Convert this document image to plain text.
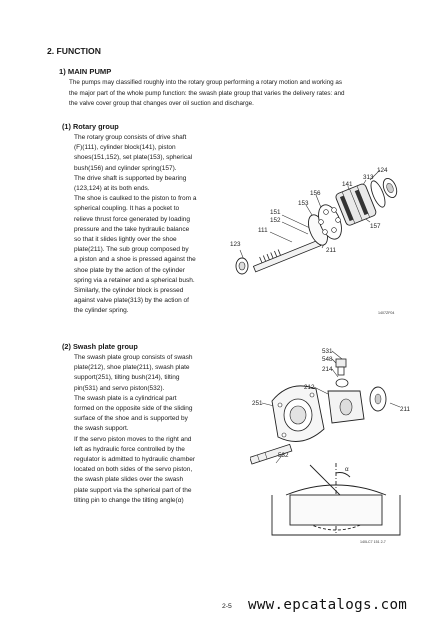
2. FUNCTION
1) MAIN PUMP
The pumps may classified roughly into the rotary group performing a rotary motion and working as
the major part of the whole pump function: the swash plate group that varies the delivery rates: and
the valve cover group that changes over oil suction and discharge.
(1) Rotary group
The rotary group consists of drive shaft
(F)(111), cylinder block(141), piston
shoes(151,152), set plate(153), spherical
bush(156) and cylinder spring(157).
The drive shaft is supported by bearing
(123,124) at its both ends.
The shoe is caulked to the piston to from a
spherical coupling. It has a pocket to
relieve thrust force generated by loading
pressure and the take hydraulic balance
so that it slides lightly over the shoe
plate(211). The sub group composed by
a piston and a shoe is pressed against the
shoe plate by the action of the cylinder
spring via a retainer and a spherical bush.
Similarly, the cylinder block is pressed
against valve plate(313) by the action of
the cylinder spring.
124
313
141
156
153
151
152
111
157
123
211
1407ZF04
(2) Swash plate group
The swash plate group consists of swash
plate(212), shoe plate(211), swash plate
support(251), tilting bush(214), tilting
pin(531) and servo piston(532).
The swash plate is a cylindrical part
formed on the opposite side of the sliding
surface of the shoe and is supported by
the swash support.
If the servo piston moves to the right and
left as hydraulic force controlled by the
regulator is admitted to hydraulic chamber
located on both sides of the servo piston,
the swash plate slides over the swash
plate support via the spherical part of the
tilting pin to change the tilting angle(α)
531
548
214
212
251
211
532
α
140LC7 151 2-7
2-5 www.epcatalogs.com
